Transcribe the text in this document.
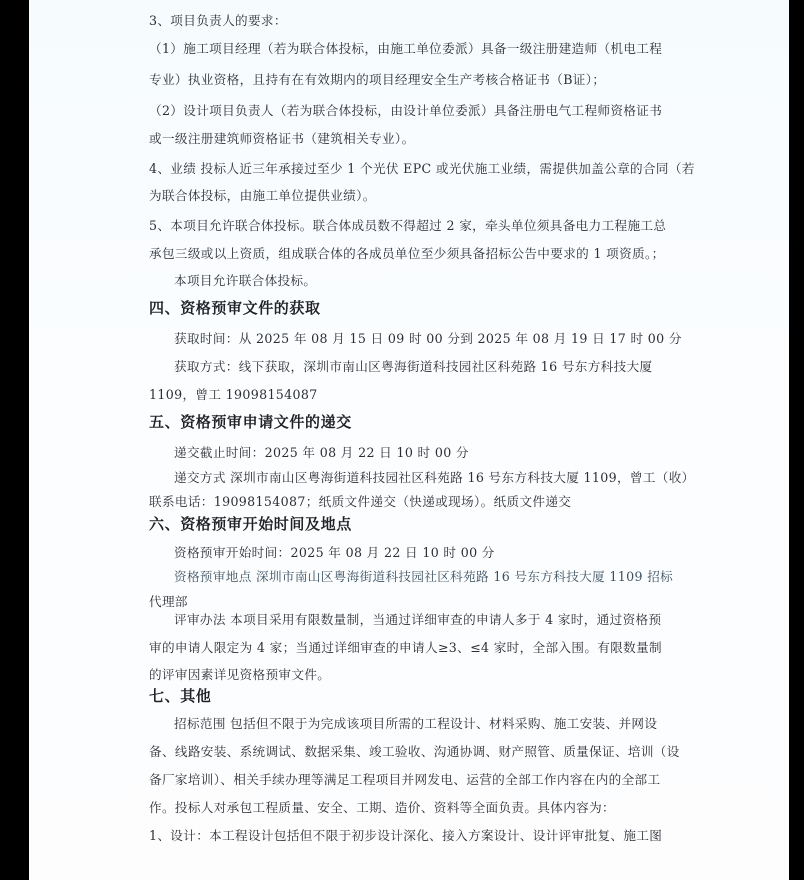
3、项目负责人的要求：
（1）施工项目经理（若为联合体投标，由施工单位委派）具备一级注册建造师（机电工程
专业）执业资格，且持有在有效期内的项目经理安全生产考核合格证书（B证）；
（2）设计项目负责人（若为联合体投标，由设计单位委派）具备注册电气工程师资格证书
或一级注册建筑师资格证书（建筑相关专业）。
4、业绩 投标人近三年承接过至少 1 个光伏 EPC 或光伏施工业绩，需提供加盖公章的合同（若
为联合体投标，由施工单位提供业绩）。
5、本项目允许联合体投标。联合体成员数不得超过 2 家，牵头单位须具备电力工程施工总
承包三级或以上资质，组成联合体的各成员单位至少须具备招标公告中要求的 1 项资质。；
本项目允许联合体投标。
四、资格预审文件的获取
获取时间：从 2025 年 08 月 15 日 09 时 00 分到 2025 年 08 月 19 日 17 时 00 分
获取方式：线下获取，深圳市南山区粤海街道科技园社区科苑路 16 号东方科技大厦
1109，曾工 19098154087
五、资格预审申请文件的递交
递交截止时间：2025 年 08 月 22 日 10 时 00 分
递交方式 深圳市南山区粤海街道科技园社区科苑路 16 号东方科技大厦 1109，曾工（收）
联系电话：19098154087；纸质文件递交（快递或现场）。纸质文件递交
六、资格预审开始时间及地点
资格预审开始时间：2025 年 08 月 22 日 10 时 00 分
资格预审地点 深圳市南山区粤海街道科技园社区科苑路 16 号东方科技大厦 1109 招标
代理部
评审办法 本项目采用有限数量制，当通过详细审查的申请人多于 4 家时，通过资格预
审的申请人限定为 4 家；当通过详细审查的申请人≥3、≤4 家时，全部入围。有限数量制
的评审因素详见资格预审文件。
七、其他
招标范围 包括但不限于为完成该项目所需的工程设计、材料采购、施工安装、并网设
备、线路安装、系统调试、数据采集、竣工验收、沟通协调、财产照管、质量保证、培训（设
备厂家培训）、相关手续办理等满足工程项目并网发电、运营的全部工作内容在内的全部工
作。投标人对承包工程质量、安全、工期、造价、资料等全面负责。具体内容为：
1、设计：本工程设计包括但不限于初步设计深化、接入方案设计、设计评审批复、施工图
